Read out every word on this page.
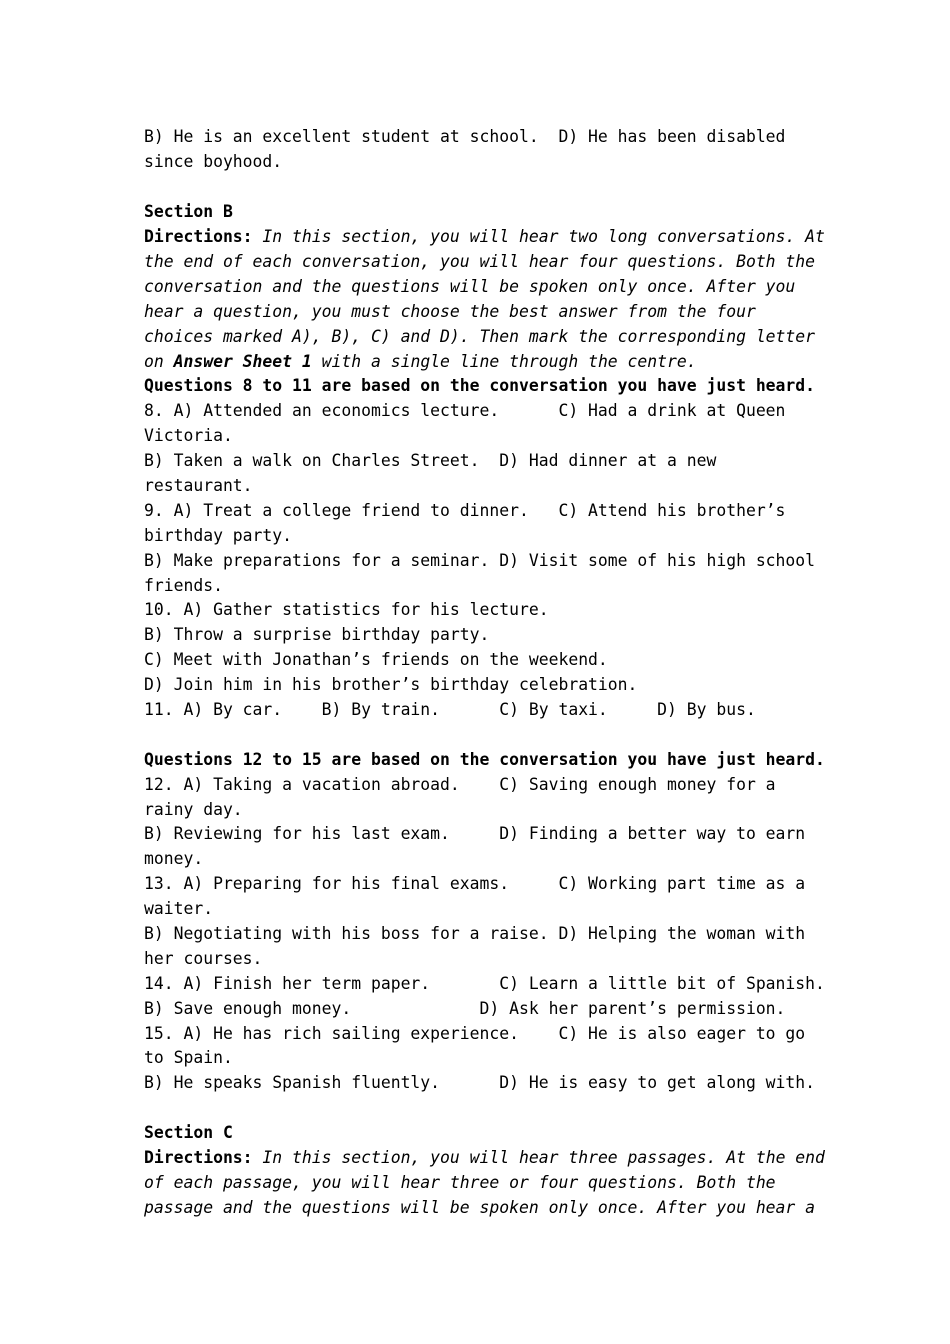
B) He is an excellent student at school.  D) He has been disabled

since boyhood.

Section B

Directions: In this section, you will hear two long conversations. At

the end of each conversation, you will hear four questions. Both the

conversation and the questions will be spoken only once. After you

hear a question, you must choose the best answer from the four

choices marked A), B), C) and D). Then mark the corresponding letter

on Answer Sheet 1 with a single line through the centre.

Questions 8 to 11 are based on the conversation you have just heard.

8. A) Attended an economics lecture.      C) Had a drink at Queen

Victoria.

B) Taken a walk on Charles Street.  D) Had dinner at a new

restaurant.

9. A) Treat a college friend to dinner.   C) Attend his brother’s

birthday party.

B) Make preparations for a seminar. D) Visit some of his high school

friends.

10. A) Gather statistics for his lecture.

B) Throw a surprise birthday party.

C) Meet with Jonathan’s friends on the weekend.

D) Join him in his brother’s birthday celebration.

11. A) By car.    B) By train.      C) By taxi.     D) By bus.

Questions 12 to 15 are based on the conversation you have just heard.

12. A) Taking a vacation abroad.    C) Saving enough money for a

rainy day.

B) Reviewing for his last exam.     D) Finding a better way to earn

money.

13. A) Preparing for his final exams.     C) Working part time as a

waiter.

B) Negotiating with his boss for a raise. D) Helping the woman with

her courses.

14. A) Finish her term paper.       C) Learn a little bit of Spanish.

B) Save enough money.             D) Ask her parent’s permission.

15. A) He has rich sailing experience.    C) He is also eager to go

to Spain.

B) He speaks Spanish fluently.      D) He is easy to get along with.

Section C

Directions: In this section, you will hear three passages. At the end

of each passage, you will hear three or four questions. Both the

passage and the questions will be spoken only once. After you hear a
